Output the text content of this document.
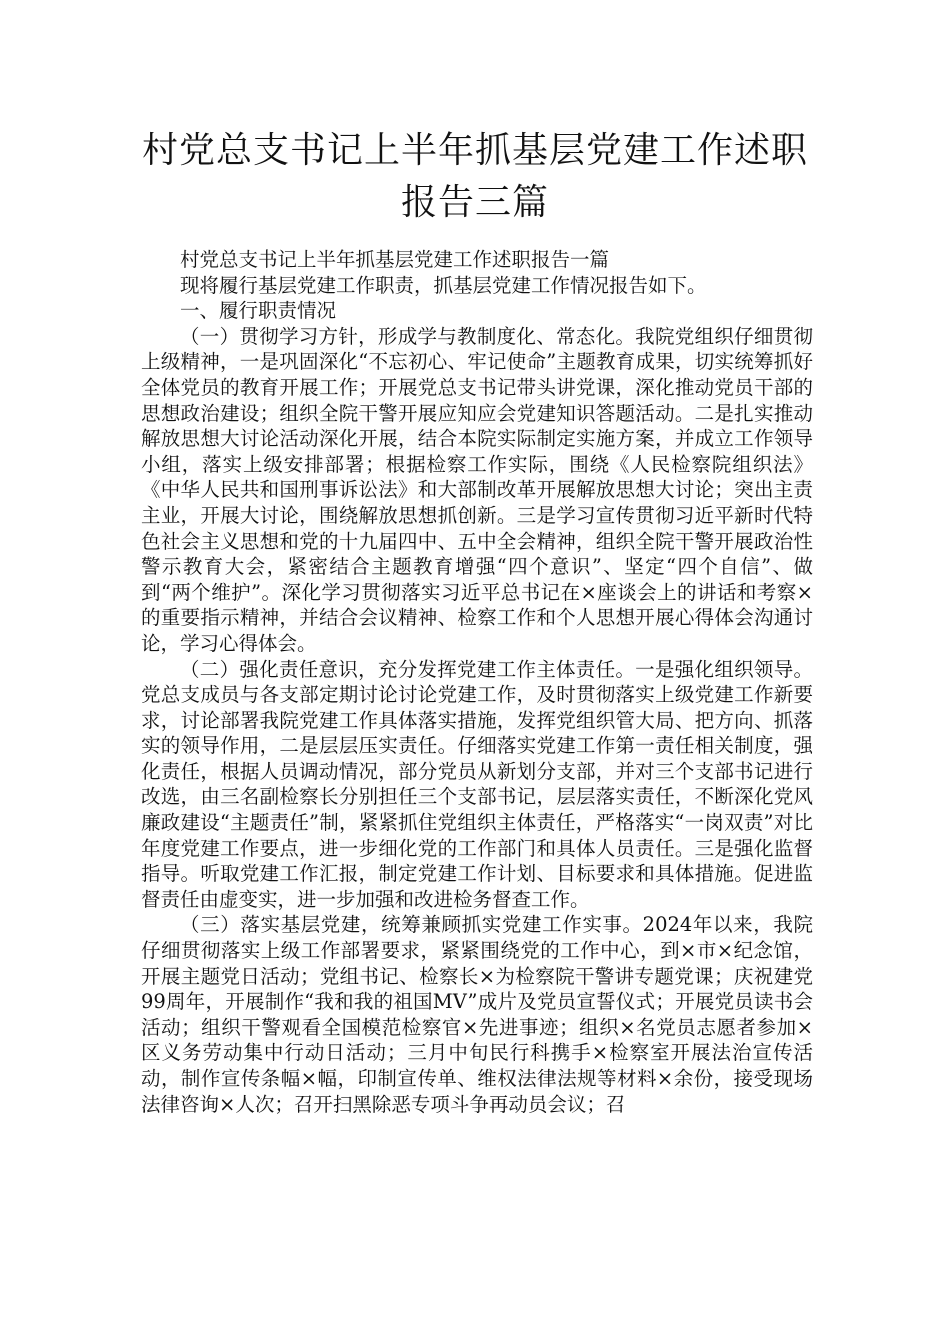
村党总支书记上半年抓基层党建工作述职
报告三篇

村党总支书记上半年抓基层党建工作述职报告一篇

现将履行基层党建工作职责，抓基层党建工作情况报告如下。

一、履行职责情况

（一）贯彻学习方针，形成学与教制度化、常态化。我院党组织仔细贯彻上级精神，一是巩固深化“不忘初心、牢记使命”主题教育成果，切实统筹抓好全体党员的教育开展工作；开展党总支书记带头讲党课，深化推动党员干部的思想政治建设；组织全院干警开展应知应会党建知识答题活动。二是扎实推动解放思想大讨论活动深化开展，结合本院实际制定实施方案，并成立工作领导小组，落实上级安排部署；根据检察工作实际，围绕《人民检察院组织法》《中华人民共和国刑事诉讼法》和大部制改革开展解放思想大讨论；突出主责主业，开展大讨论，围绕解放思想抓创新。三是学习宣传贯彻习近平新时代特色社会主义思想和党的十九届四中、五中全会精神，组织全院干警开展政治性警示教育大会，紧密结合主题教育增强“四个意识”、坚定“四个自信”、做到“两个维护”。深化学习贯彻落实习近平总书记在×座谈会上的讲话和考察×的重要指示精神，并结合会议精神、检察工作和个人思想开展心得体会沟通讨论，学习心得体会。

（二）强化责任意识，充分发挥党建工作主体责任。一是强化组织领导。党总支成员与各支部定期讨论讨论党建工作，及时贯彻落实上级党建工作新要求，讨论部署我院党建工作具体落实措施，发挥党组织管大局、把方向、抓落实的领导作用，二是层层压实责任。仔细落实党建工作第一责任相关制度，强化责任，根据人员调动情况，部分党员从新划分支部，并对三个支部书记进行改选，由三名副检察长分别担任三个支部书记，层层落实责任，不断深化党风廉政建设“主题责任”制，紧紧抓住党组织主体责任，严格落实“一岗双责”对比年度党建工作要点，进一步细化党的工作部门和具体人员责任。三是强化监督指导。听取党建工作汇报，制定党建工作计划、目标要求和具体措施。促进监督责任由虚变实，进一步加强和改进检务督查工作。

（三）落实基层党建，统筹兼顾抓实党建工作实事。2024年以来，我院仔细贯彻落实上级工作部署要求，紧紧围绕党的工作中心，到×市×纪念馆，开展主题党日活动；党组书记、检察长×为检察院干警讲专题党课；庆祝建党99周年，开展制作“我和我的祖国MV”成片及党员宣誓仪式；开展党员读书会活动；组织干警观看全国模范检察官×先进事迹；组织×名党员志愿者参加×区义务劳动集中行动日活动；三月中旬民行科携手×检察室开展法治宣传活动，制作宣传条幅×幅，印制宣传单、维权法律法规等材料×余份，接受现场法律咨询×人次；召开扫黑除恶专项斗争再动员会议；召
